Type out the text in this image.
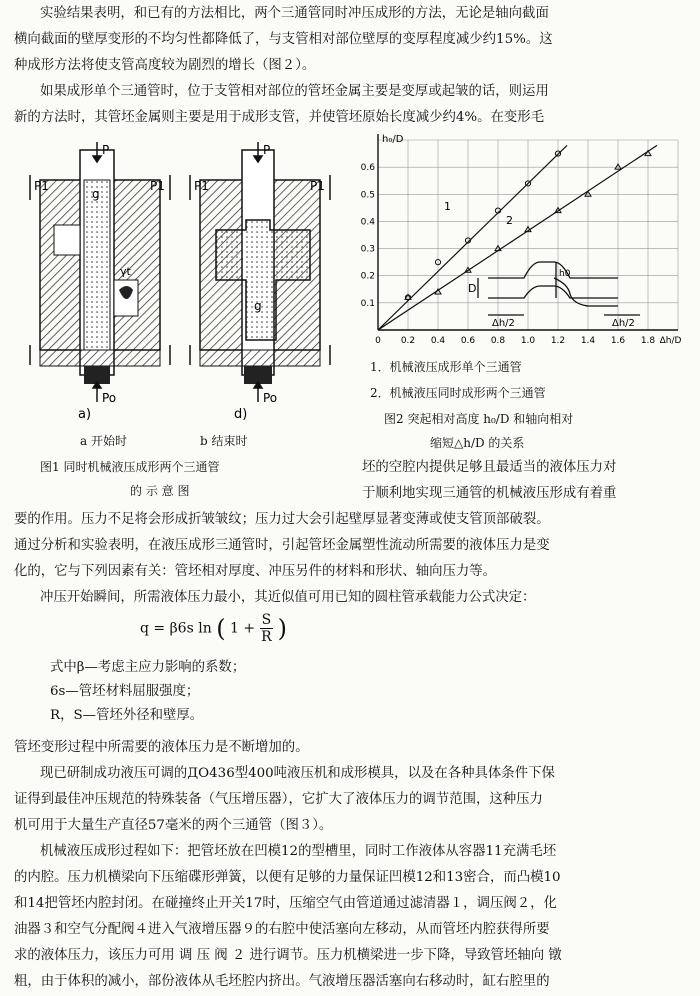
实验结果表明，和已有的方法相比，两个三通管同时冲压成形的方法，无论是轴向截面
横向截面的壁厚变形的不均匀性都降低了，与支管相对部位壁厚的变厚程度减少约15%。这
种成形方法将使支管高度较为剧烈的增长（图２）。
如果成形单个三通管时，位于支管相对部位的管坯金属主要是变厚或起皱的话，则运用
新的方法时，其管坯金属则主要是用于成形支管，并使管坯原始长度减少约4%。在变形毛
P	P
P1	P1 P1	P1
Po	Po
g
g
γt
a)	d)
a 开始时	b 结束时
图1 同时机械液压成形两个三通管
的 示 意 图
0 0.2 0.4 0.6 0.8 1.0 1.2 1.4 1.6 1.8 Δh/D
0.1
0.2
0.3
0.4
0.5
0.6
h₀/D
D
Δh/2	Δh/2
h0
1
2
1．机械液压成形单个三通管
2．机械液压同时成形两个三通管
图2 突起相对高度 h₀/D 和轴向相对
缩短△h/D 的关系
坯的空腔内提供足够且最适当的液体压力对
于顺利地实现三通管的机械液压形成有着重
要的作用。压力不足将会形成折皱皱纹；压力过大会引起壁厚显著变薄或使支管顶部破裂。
通过分析和实验表明，在液压成形三通管时，引起管坯金属塑性流动所需要的液体压力是变
化的，它与下列因素有关：管坯相对厚度、冲压另件的材料和形状、轴向压力等。
冲压开始瞬间，所需液体压力最小，其近似值可用已知的圆柱管承载能力公式决定：
q = β6s ln ( $1 + \frac{S}{R}$ )
式中β—考虑主应力影响的系数；
6s—管坯材料屈服强度；
R，S—管坯外径和壁厚。
管坯变形过程中所需要的液体压力是不断增加的。
现已研制成功液压可调的ДО436型400吨液压机和成形模具，以及在各种具体条件下保
证得到最佳冲压规范的特殊装备（气压增压器），它扩大了液体压力的调节范围，这种压力
机可用于大量生产直径57毫米的两个三通管（图３）。
机械液压成形过程如下：把管坯放在凹模12的型槽里，同时工作液体从容器11充满毛坯
的内腔。压力机横梁向下压缩碟形弹簧，以便有足够的力量保证凹模12和13密合，而凸模10
和14把管坯内腔封闭。在碰撞终止开关17时，压缩空气由管道通过滤清器１，调压阀２，化
油器３和空气分配阀４进入气液增压器９的右腔中使活塞向左移动，从而管坯内腔获得所要
求的液体压力，该压力可用 调 压 阀 ２ 进行调节。压力机横梁进一步下降，导致管坯轴向 镦
粗，由于体积的减小，部份液体从毛坯腔内挤出。气液增压器活塞向右移动时，缸右腔里的
